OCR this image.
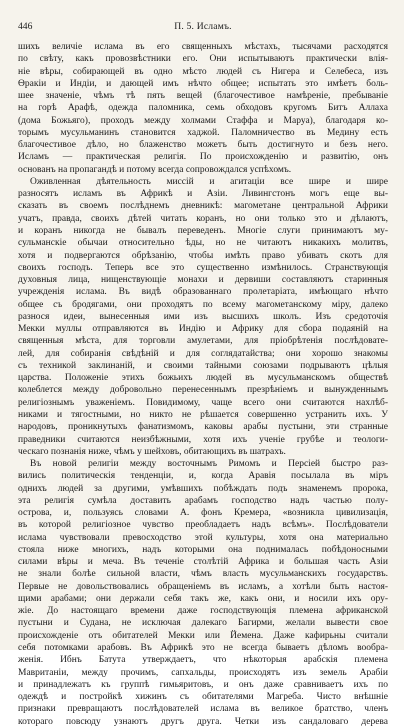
446	П. 5. Исламъ.
шихъ величіе ислама въ его священныхъ мѣстахъ, тысячами расходятся
по свѣту, какъ провозвѣстники его. Они испытываютъ практически влія-
ніе вѣры, собирающей въ одно мѣсто людей съ Нигера и Селебеса, изъ
Ѳракіи и Индіи, и дающей имъ нѣчто общее; испытать это имѣетъ боль-
шее значеніе, чѣмъ тѣ пять вещей (благочестивое намѣреніе, пребываніе
на горѣ Арафѣ, одежда паломника, семь обходовъ кругомъ Битъ Аллаха
(дома Божьяго), проходъ между холмами Стаффа и Маруа), благодаря ко-
торымъ мусульманинъ становится хаджой. Паломничество въ Медину есть
благочестивое дѣло, но блаженство можетъ быть достигнуто и безъ него.
Исламъ — практическая религія. По происхожденію и развитію, онъ
основанъ на пропагандѣ и потому всегда сопровождался успѣхомъ.
Оживленная дѣятельность миссій и агитаціи все шире и шире
разносятъ исламъ въ Африкѣ и Азіи. Ливингстонъ могъ еще вы-
сказать въ своемъ послѣднемъ дневникѣ: магометане центральной Африки
учатъ, правда, своихъ дѣтей читать коранъ, но они только это и дѣлаютъ,
и коранъ никогда не бывалъ переведенъ. Многіе слуги принимаютъ му-
сульманскіе обычаи относительно ѣды, но не читаютъ никакихъ молитвъ,
хотя и подвергаются обрѣзанію, чтобы имѣть право убивать скотъ для
своихъ господъ. Теперь все это существенно измѣнилось. Странствующія
духовныя лица, нищенствующіе монахи и дервиши составляютъ старинныя
учрежденія ислама. Въ видѣ образованнаго пролетаріата, имѣющаго нѣчто
общее съ бродягами, они проходятъ по всему магометанскому міру, далеко
разнося идеи, вынесенныя ими изъ высшихъ школъ. Изъ средоточія
Мекки муллы отправляются въ Индію и Африку для сбора подаяній на
священныя мѣста, для торговли амулетами, для пріобрѣтенія послѣдовате-
лей, для собиранія свѣдѣній и для соглядатайства; они хорошо знакомы
съ техникой заклинаній, и своими тайными союзами подрываютъ цѣлыя
царства. Положеніе этихъ божьихъ людей въ мусульманскомъ обществѣ
колеблется между добровольно перенесеннымъ презрѣніемъ и вынужденнымъ
религіознымъ уваженіемъ. Повидимому, чаще всего они считаются нахлѣб-
никами и тягостными, но никто не рѣшается совершенно устранить ихъ. У
народовъ, проникнутыхъ фанатизмомъ, каковы арабы пустыни, эти странные
праведники считаются неизбѣжными, хотя ихъ ученіе грубѣе и теологи-
ческаго познанія ниже, чѣмъ у шейховъ, обитающихъ въ шатрахъ.
Въ новой религіи между восточнымъ Римомъ и Персіей быстро раз-
вились политическія тенденціи, и, когда Аравія посылала въ міръ
однихъ людей за другими, умѣвшихъ побѣждать подъ знаменемъ пророка,
эта религія сумѣла доставить арабамъ господство надъ частью полу-
острова, и, пользуясь словами А. фонъ Кремера, «возникла цивилизація,
въ которой религіозное чувство преобладаетъ надъ всѣмъ». Послѣдователи
ислама чувствовали превосходство этой культуры, хотя она материально
стояла ниже многихъ, надъ которыми она поднималась побѣдоносными
силами вѣры и меча. Въ теченіе столѣтій Африка и большая часть Азіи
не знали болѣе сильной власти, чѣмъ власть мусульманскихъ государствъ.
Первые не довольствовались обращеніемъ въ исламъ, а хотѣли быть настоя-
щими арабами; они держали себя такъ же, какъ они, и носили ихъ ору-
жіе. До настоящаго времени даже господствующія племена африканской
пустыни и Судана, не исключая далекаго Багирми, желали вывести свое
происхожденіе отъ обитателей Мекки или Йемена. Даже кафирьны считали
себя потомками арабовъ. Въ Африкѣ это не всегда бываетъ дѣломъ вообра-
женія. Ибнъ Батута утверждаетъ, что нѣкоторыя арабскія племена
Мавританіи, между прочимъ, сапхальды, происходятъ изъ земель Арабіи
и принадлежатъ къ группѣ гимьяритовъ, и онъ даже сравниваетъ ихъ по
одеждѣ и постройкѣ хижинъ съ обитателями Магреба. Чисто внѣшніе
признаки превращаютъ послѣдователей ислама въ великое братство, членъ
котораго повсюду узнаютъ другъ друга. Четки изъ сандаловаго дерева
